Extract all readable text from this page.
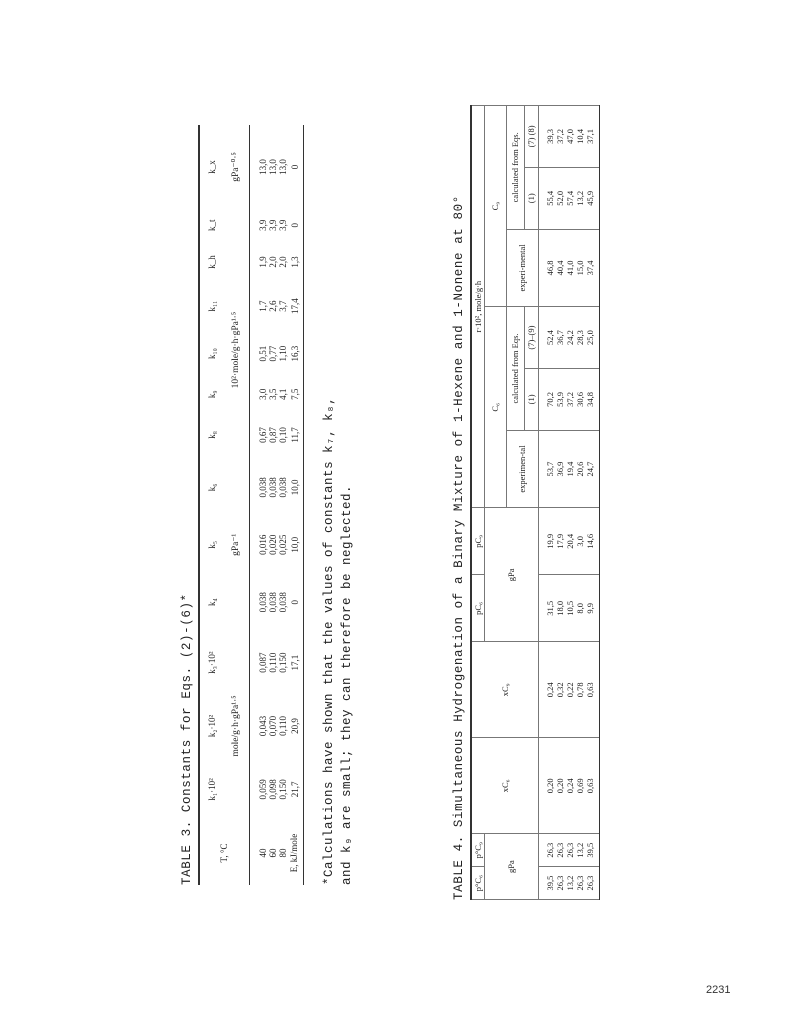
TABLE 3. Constants for Eqs. (2)-(6)*	T, °C	k₁·10²	k₂·10²	k₃·10²	k₄	k₅	k₆	k₈	k₉	k₁₀	k₁₁	k_h	k_t	k_x
	mole/g·h·gPa¹·⁵			gPa⁻¹			10²·mole/g·h·gPa¹·⁵						gPa⁻⁰·⁵
40	0,059	0,043	0,087	0,038	0,016	0,038	0,67	3,0	0,51	1,7	1,9	3,9	13,0
60	0,098	0,070	0,110	0,038	0,020	0,038	0,87	3,5	0,77	2,6	2,0	3,9	13,0
80	0,150	0,110	0,150	0,038	0,025	0,038	0,10	4,1	1,10	3,7	2,0	3,9	13,0
E, kJ/mole	21,7	20,9	17,1	0	10,0	10,0	11,7	7,5	16,3	17,4	1,3	0	0
*Calculations have shown that the values of constants k₇, k₈, and k₉ are small; they can therefore be neglected.	TABLE 4. Simultaneous Hydrogenation of a Binary Mixture of 1-Hexene and 1-Nonene at 80° p°C₆	p°C₉	xC₆	xC₉	pC₆	pC₉	r·10², mole/g·h					
gPa				gPa		C₆			C₉		
						experimen-tal	calculated from Eqs.		experi-mental	calculated from Eqs.	
							(1)	(7)–(9)		(1)	(7) (8)
39,5	26,3	0,20	0,24	31,5	19,9	53,7	70,2	52,4	46,8	55,4	39,3
26,3	26,3	0,20	0,32	18,0	17,9	36,9	53,9	36,7	40,4	52,0	37,2
13,2	26,3	0,24	0,22	10,5	20,4	19,4	37,2	24,2	41,0	57,4	47,0
26,3	13,2	0,69	0,78	8,0	3,0	20,6	30,6	28,3	15,0	13,2	10,4
26,3	39,5	0,63	0,63	9,9	14,6	24,7	34,8	25,0	37,4	45,9	37,1
2231
